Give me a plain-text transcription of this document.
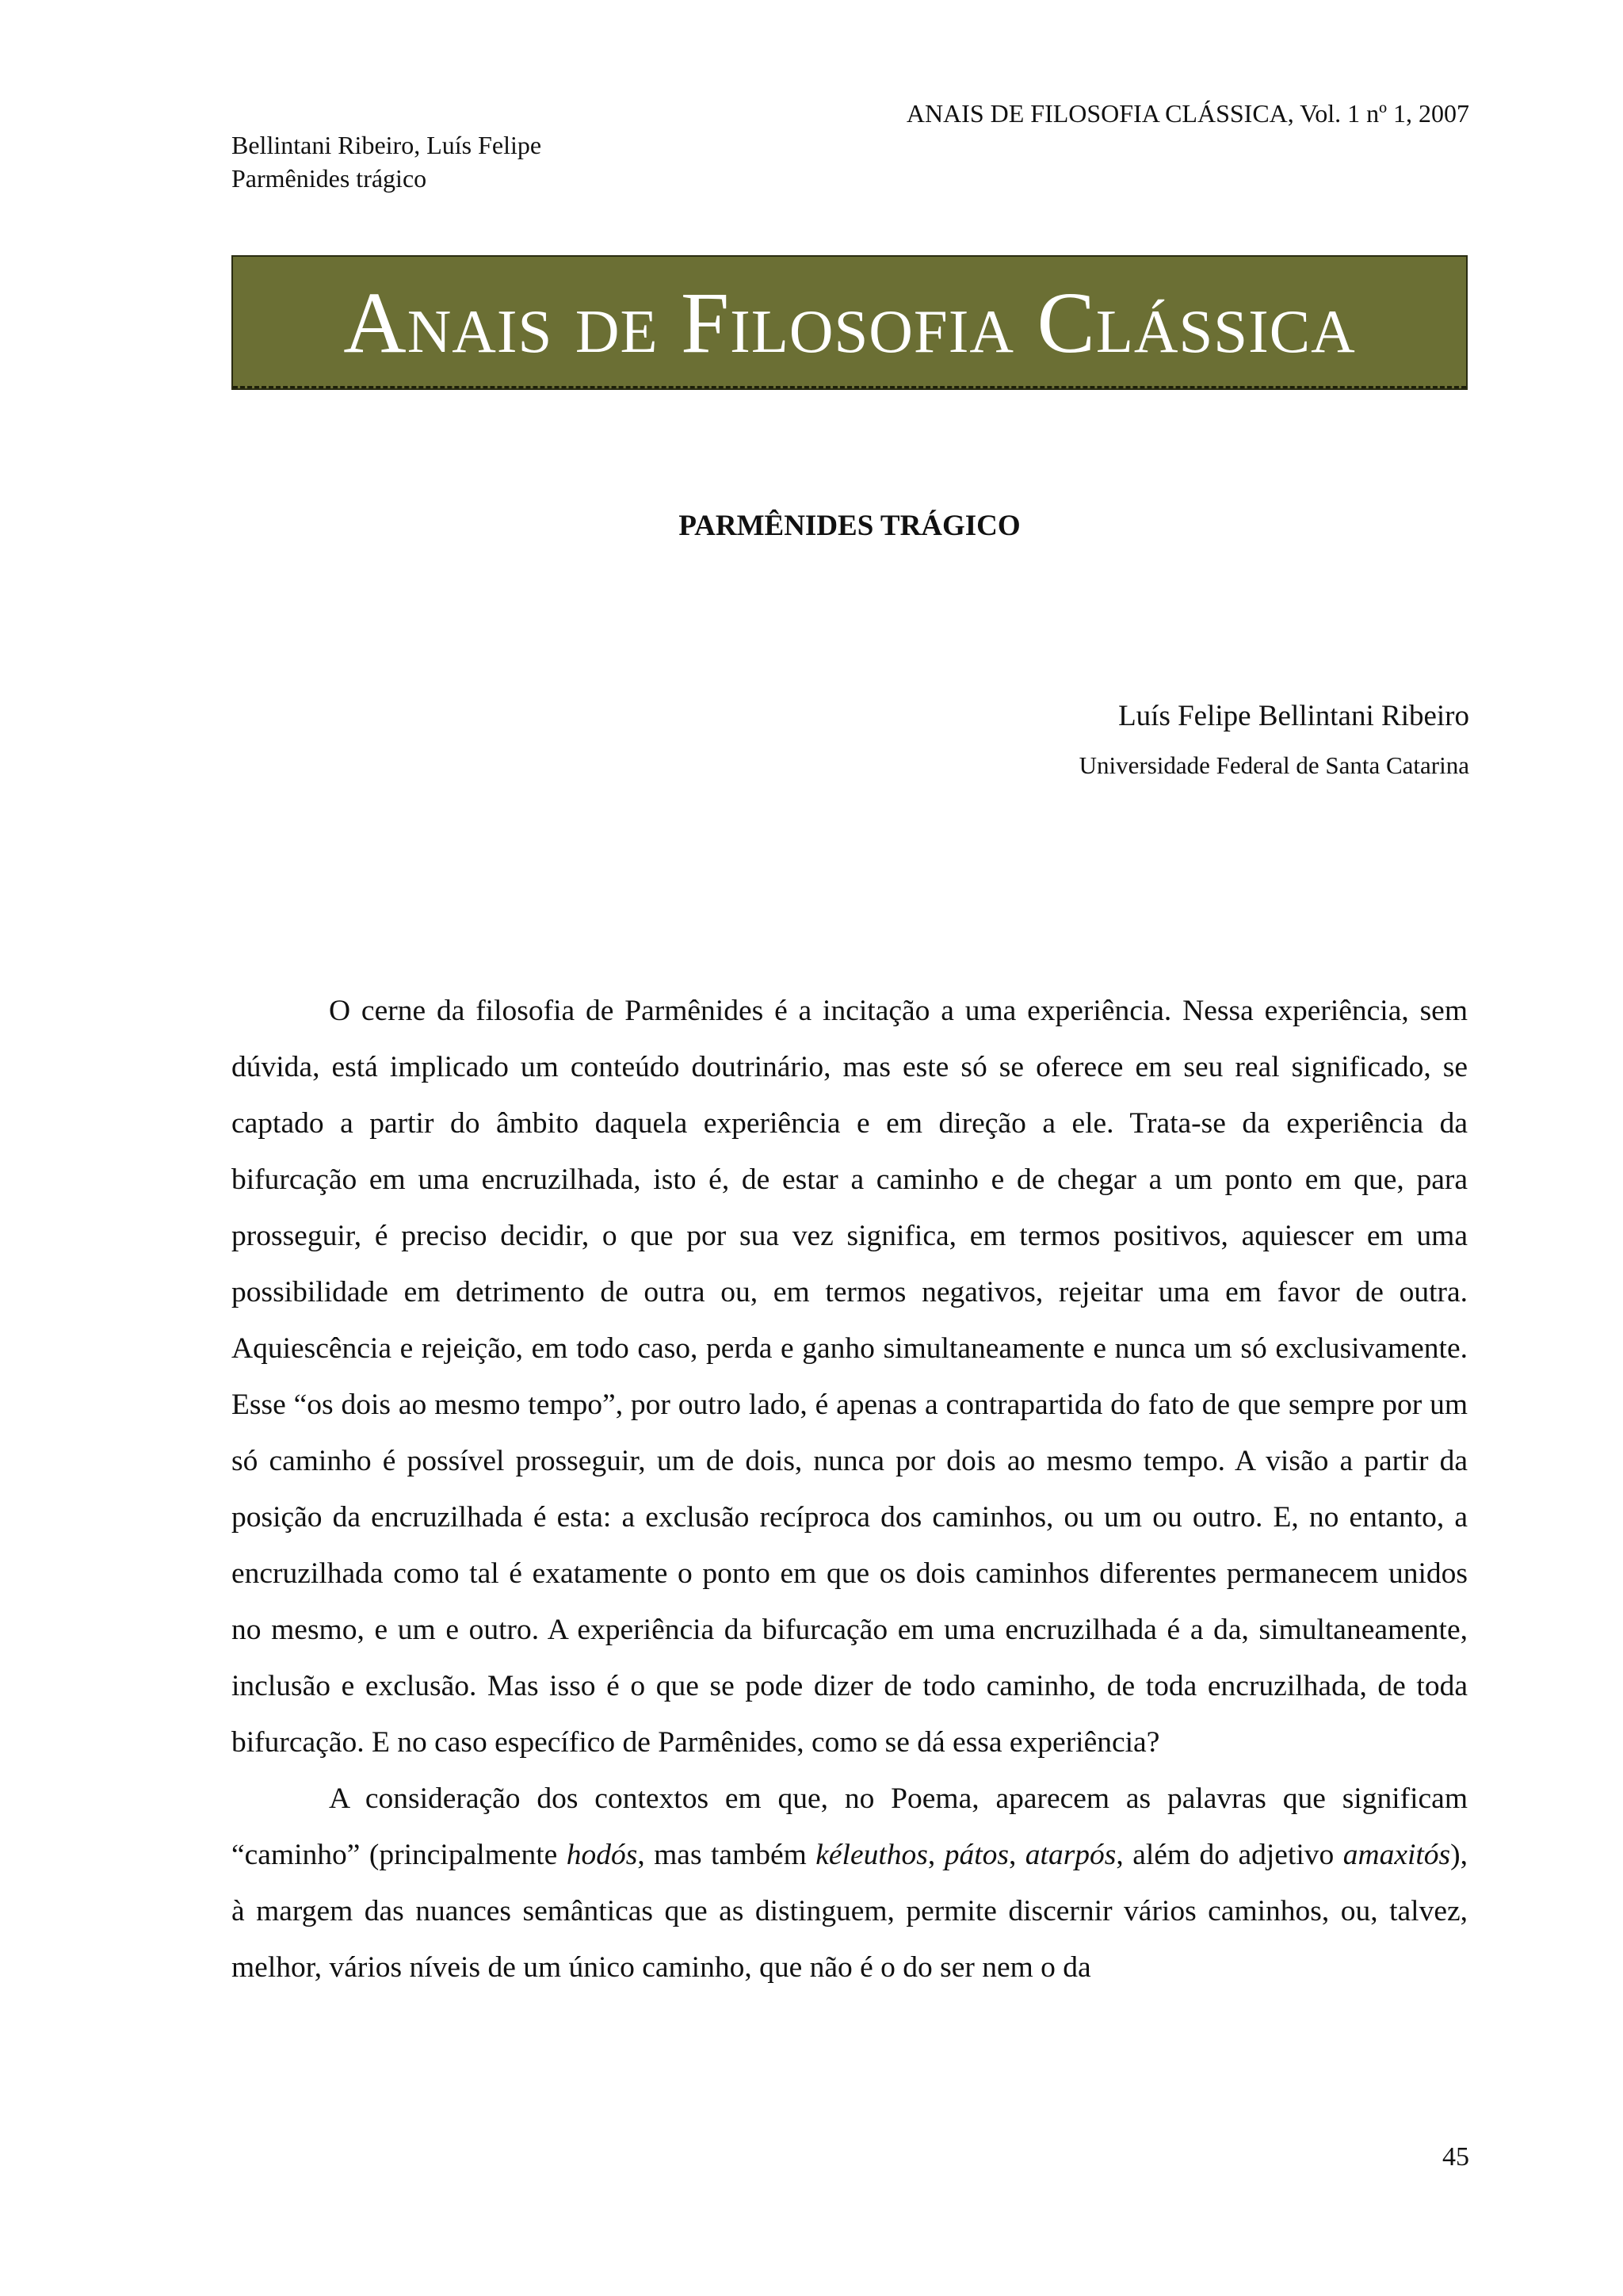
ANAIS DE FILOSOFIA CLÁSSICA, Vol. 1 nº 1, 2007
Bellintani Ribeiro, Luís Felipe
Parmênides trágico
Anais de Filosofia Clássica
PARMÊNIDES TRÁGICO
Luís Felipe Bellintani Ribeiro
Universidade Federal de Santa Catarina

O cerne da filosofia de Parmênides é a incitação a uma experiência. Nessa experiência, sem dúvida, está implicado um conteúdo doutrinário, mas este só se oferece em seu real significado, se captado a partir do âmbito daquela experiência e em direção a ele. Trata-se da experiência da bifurcação em uma encruzilhada, isto é, de estar a caminho e de chegar a um ponto em que, para prosseguir, é preciso decidir, o que por sua vez significa, em termos positivos, aquiescer em uma possibilidade em detrimento de outra ou, em termos negativos, rejeitar uma em favor de outra. Aquiescência e rejeição, em todo caso, perda e ganho simultaneamente e nunca um só exclusivamente. Esse “os dois ao mesmo tempo”, por outro lado, é apenas a contrapartida do fato de que sempre por um só caminho é possível prosseguir, um de dois, nunca por dois ao mesmo tempo. A visão a partir da posição da encruzilhada é esta: a exclusão recíproca dos caminhos, ou um ou outro. E, no entanto, a encruzilhada como tal é exatamente o ponto em que os dois caminhos diferentes permanecem unidos no mesmo, e um e outro. A experiência da bifurcação em uma encruzilhada é a da, simultaneamente, inclusão e exclusão. Mas isso é o que se pode dizer de todo caminho, de toda encruzilhada, de toda bifurcação. E no caso específico de Parmênides, como se dá essa experiência?

A consideração dos contextos em que, no Poema, aparecem as palavras que significam “caminho” (principalmente hodós, mas também kéleuthos, pátos, atarpós, além do adjetivo amaxitós), à margem das nuances semânticas que as distinguem, permite discernir vários caminhos, ou, talvez, melhor, vários níveis de um único caminho, que não é o do ser nem o da

45
